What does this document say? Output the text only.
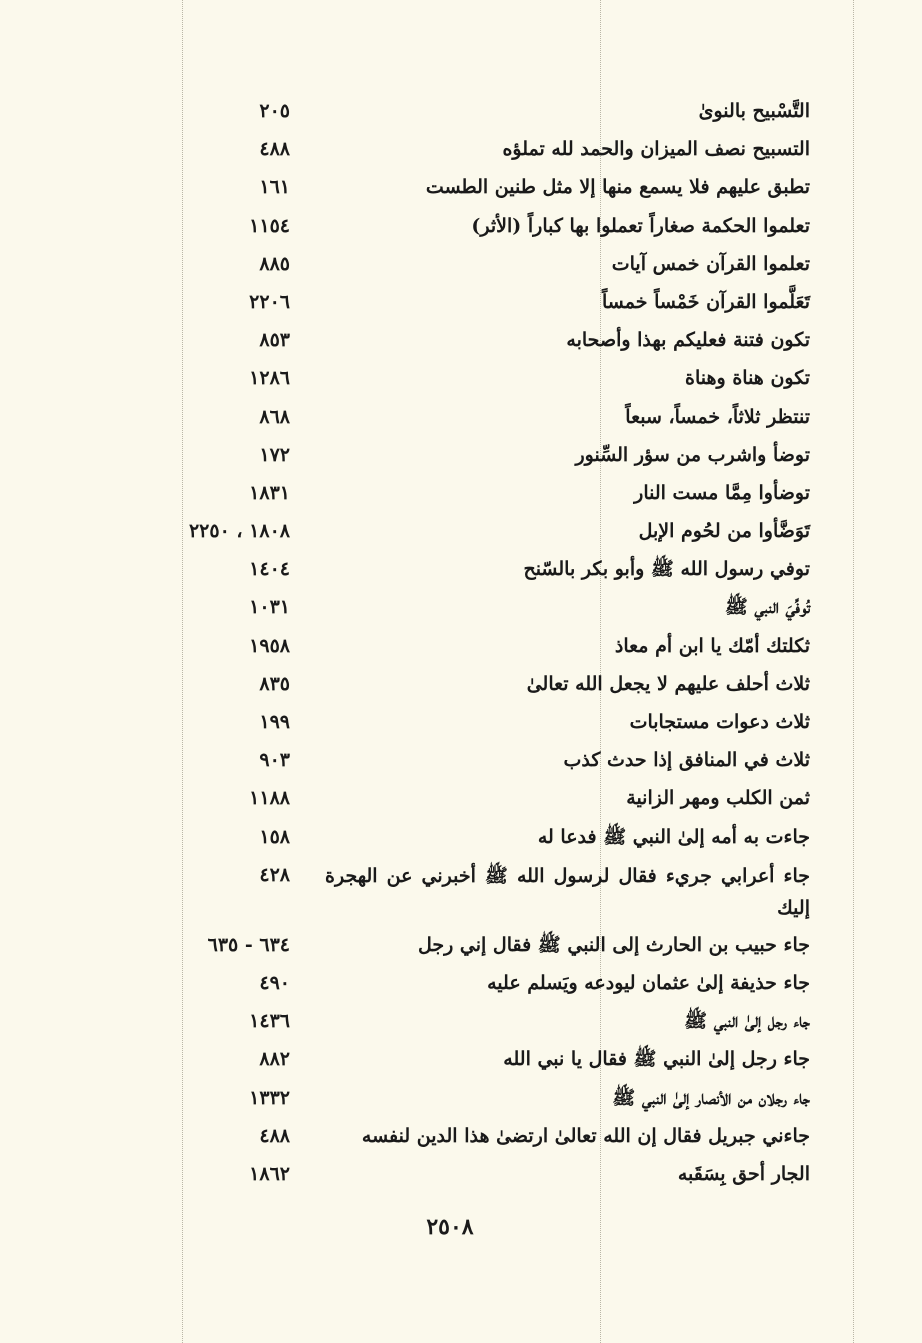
التَّسْبيح بالنوىٰ
٢٠٥
التسبيح نصف الميزان والحمد لله تملؤه
٤٨٨
تطبق عليهم فلا يسمع منها إلا مثل طنين الطست
١٦١
تعلموا الحكمة صغاراً تعملوا بها كباراً (الأثر)
١١٥٤
تعلموا القرآن خمس آيات
٨٨٥
تَعَلَّموا القرآن خَمْساً خمساً
٢٢٠٦
تكون فتنة فعليكم بهذا وأصحابه
٨٥٣
تكون هناة وهناة
١٢٨٦
تنتظر ثلاثاً، خمساً، سبعاً
٨٦٨
توضأ واشرب من سؤر السِّنور
١٧٢
توضأوا مِمَّا مست النار
١٨٣١
تَوَضَّأوا من لحُوم الإبل
١٨٠٨ ، ٢٢٥٠
توفي رسول الله ﷺ وأبو بكر بالسّنح
١٤٠٤
تُوفِّيَ النبي ﷺ
١٠٣١
ثكلتك أمّك يا ابن أم معاذ
١٩٥٨
ثلاث أحلف عليهم لا يجعل الله تعالىٰ
٨٣٥
ثلاث دعوات مستجابات
١٩٩
ثلاث في المنافق إذا حدث كذب
٩٠٣
ثمن الكلب ومهر الزانية
١١٨٨
جاءت به أمه إلىٰ النبي ﷺ فدعا له
١٥٨
جاء أعرابي جريء فقال لرسول الله ﷺ أخبرني عن الهجرة إليك
٤٢٨
جاء حبيب بن الحارث إلى النبي ﷺ فقال إني رجل
٦٣٤ - ٦٣٥
جاء حذيفة إلىٰ عثمان ليودعه ويَسلم عليه
٤٩٠
جاء رجل إلىٰ النبي ﷺ
١٤٣٦
جاء رجل إلىٰ النبي ﷺ فقال يا نبي الله
٨٨٢
جاء رجلان من الأنصار إلىٰ النبي ﷺ
١٣٣٢
جاءني جبريل فقال إن الله تعالىٰ ارتضىٰ هذا الدين لنفسه
٤٨٨
الجار أحق بِسَقَبه
١٨٦٢
٢٥٠٨
